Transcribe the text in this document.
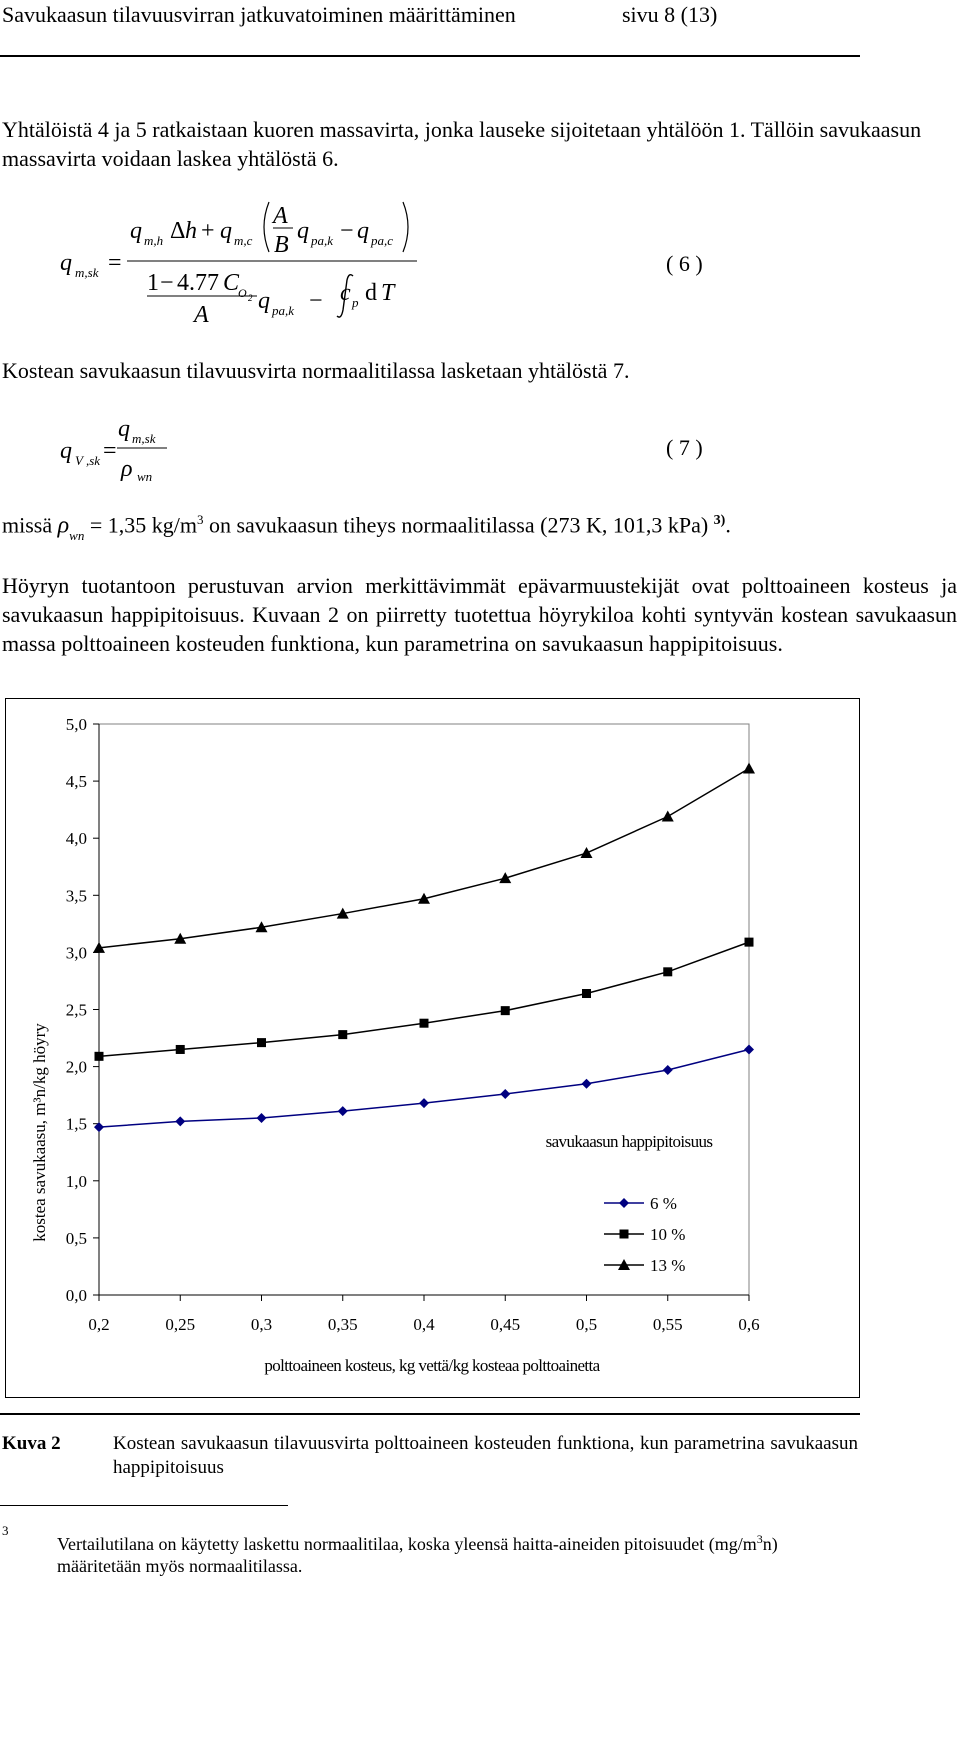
Savukaasun tilavuusvirran jatkuvatoiminen määrittäminen	sivu 8 (13)
Yhtälöistä 4 ja 5 ratkaistaan kuoren massavirta, jonka lauseke sijoitetaan yhtälöön 1. Tällöin savukaasun massavirta voidaan laskea yhtälöstä 6.
q m,sk =
q m,h Δ h + q m,c
A
B
q pa,k − q pa,c
1 − 4.77 C
O 2
A
q pa,k − c p d T
( 6 )
Kostean savukaasun tilavuusvirta normaalitilassa lasketaan yhtälöstä 7.
q V ,sk =
q m,sk
ρ wn
( 7 )
missä $\rho_{wn} = 1,35$ $kg/m^3$ on savukaasun tiheys normaalitilassa (273 K, 101,3 kPa) $^{3)}$.
Höyryn tuotantoon perustuvan arvion merkittävimmät epävarmuustekijät ovat polttoaineen kosteus ja savukaasun happipitoisuus. Kuvaan 2 on piirretty tuotettua höyrykiloa kohti syntyvän kostean savukaasun massa polttoaineen kosteuden funktiona, kun parametrina on savukaasun happipitoisuus.
0,0
0,5
1,0
1,5
2,0
2,5
3,0
3,5
4,0
4,5
5,0
0,2	0,25	0,3	0,35	0,4	0,45	0,5	0,55	0,6
polttoaineen kosteus, kg vettä/kg kosteaa polttoainetta
kostea savukaasu, m³n/kg höyry	savukaasun happipitoisuus
6 %
10 %
13 %
Kuva 2	Kostean savukaasun tilavuusvirta polttoaineen kosteuden funktiona, kun parametrina savukaasun happipitoisuus
3
Vertailutilana on käytetty laskettu normaalitilaa, koska yleensä haitta-aineiden pitoisuudet $(mg/m^3n)$ määritetään myös normaalitilassa.
